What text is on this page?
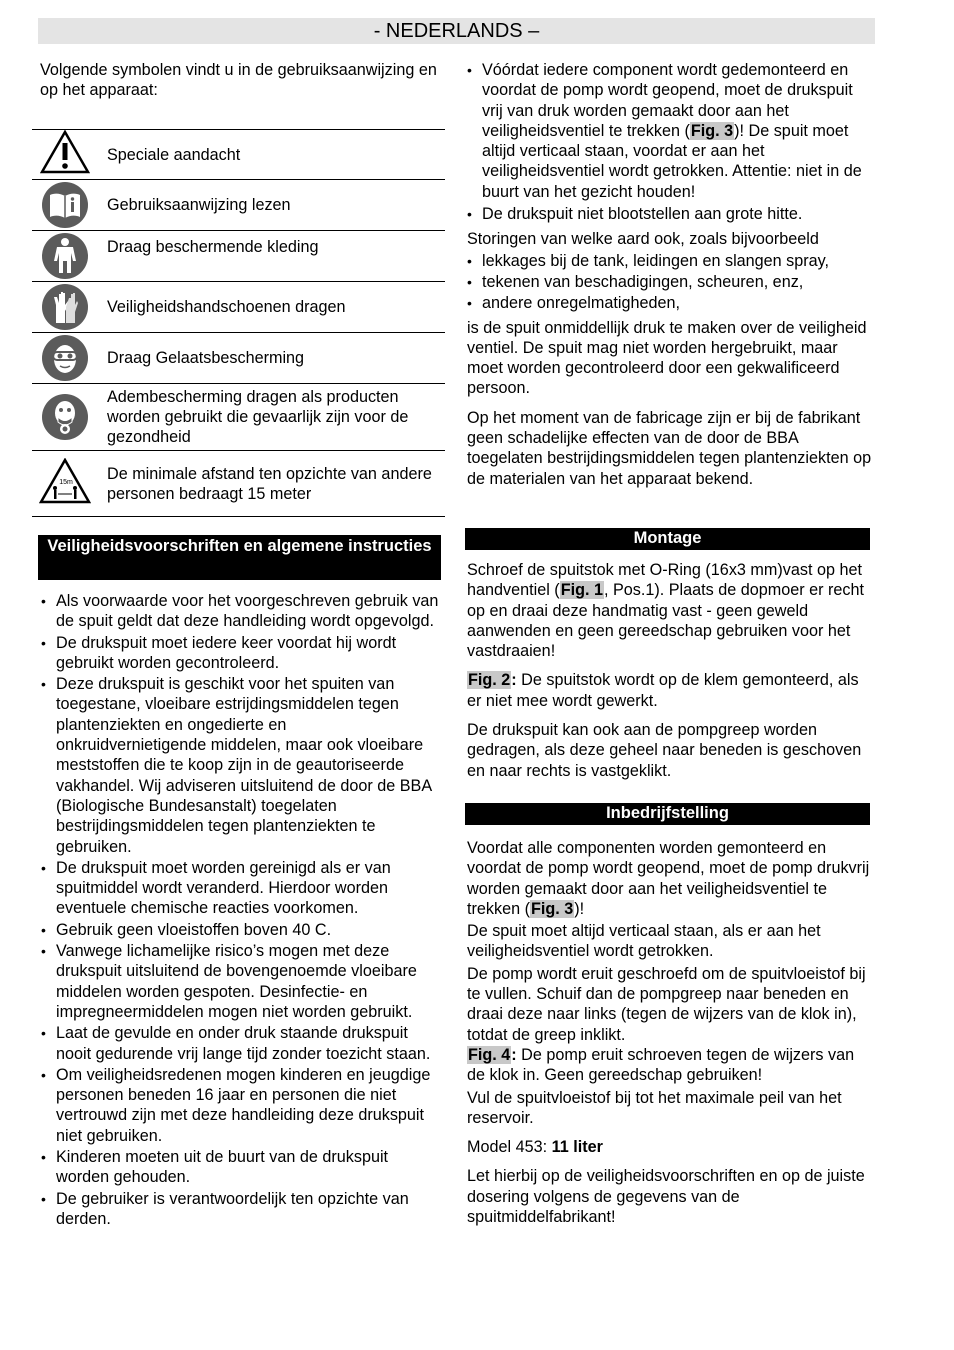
- NEDERLANDS –

Volgende symbolen vindt u in de gebruiksaanwijzing en op het apparaat:

	Speciale aandacht

	Gebruiksaanwijzing lezen

	Draag beschermende kleding

	Veiligheidshandschoenen dragen

	Draag Gelaatsbescherming

	Adembescherming dragen als producten worden gebruikt die gevaarlijk zijn voor de gezondheid

15m	De minimale afstand ten opzichte van andere personen bedraagt 15 meter
Veiligheidsvoorschriften en algemene instructies
• Als voorwaarde voor het voorgeschreven gebruik van de spuit geldt dat deze handleiding wordt opgevolgd.
• De drukspuit moet iedere keer voordat hij wordt gebruikt worden gecontroleerd.
• Deze drukspuit is geschikt voor het spuiten van toegestane, vloeibare estrijdingsmiddelen tegen plantenziekten en ongedierte en onkruidvernietigende middelen, maar ook vloeibare meststoffen die te koop zijn in de geautoriseerde vakhandel. Wij adviseren uitsluitend de door de BBA (Biologische Bundesanstalt) toegelaten bestrijdingsmiddelen tegen plantenziekten te gebruiken.
• De drukspuit moet worden gereinigd als er van spuitmiddel wordt veranderd. Hierdoor worden eventuele chemische reacties voorkomen.
• Gebruik geen vloeistoffen boven 40 C.
• Vanwege lichamelijke risico’s mogen met deze drukspuit uitsluitend de bovengenoemde vloeibare middelen worden gespoten. Desinfectie- en impregneermiddelen mogen niet worden gebruikt.
• Laat de gevulde en onder druk staande drukspuit nooit gedurende vrij lange tijd zonder toezicht staan.
• Om veiligheidsredenen mogen kinderen en jeugdige personen beneden 16 jaar en personen die niet vertrouwd zijn met deze handleiding deze drukspuit niet gebruiken.
• Kinderen moeten uit de buurt van de drukspuit worden gehouden.
• De gebruiker is verantwoordelijk ten opzichte van derden.
• Vóórdat iedere component wordt gedemonteerd en voordat de pomp wordt geopend, moet de drukspuit vrij van druk worden gemaakt door aan het veiligheidsventiel te trekken (Fig. 3)! De spuit moet altijd verticaal staan, voordat er aan het veiligheidsventiel wordt getrokken. Attentie: niet in de buurt van het gezicht houden!
• De drukspuit niet blootstellen aan grote hitte.

Storingen van welke aard ook, zoals bijvoorbeeld

• lekkages bij de tank, leidingen en slangen spray,
• tekenen van beschadigingen, scheuren, enz,
• andere onregelmatigheden,

is de spuit onmiddellijk druk te maken over de veiligheid ventiel. De spuit mag niet worden hergebruikt, maar moet worden gecontroleerd door een gekwalificeerd persoon.

Op het moment van de fabricage zijn er bij de fabrikant geen schadelijke effecten van de door de BBA toegelaten bestrijdingsmiddelen tegen plantenziekten op de materialen van het apparaat bekend.

Montage

Schroef de spuitstok met O-Ring (16x3 mm)vast op het handventiel (Fig. 1, Pos.1). Plaats de dopmoer er recht op en draai deze handmatig vast - geen geweld aanwenden en geen gereedschap gebruiken voor het vastdraaien!

Fig. 2: De spuitstok wordt op de klem gemonteerd, als er niet mee wordt gewerkt.

De drukspuit kan ook aan de pompgreep worden gedragen, als deze geheel naar beneden is geschoven en naar rechts is vastgeklikt.

Inbedrijfstelling

Voordat alle componenten worden gemonteerd en voordat de pomp wordt geopend, moet de pomp drukvrij worden gemaakt door aan het veiligheidsventiel te trekken (Fig. 3)!

De spuit moet altijd verticaal staan, als er aan het veiligheidsventiel wordt getrokken.

De pomp wordt eruit geschroefd om de spuitvloeistof bij te vullen. Schuif dan de pompgreep naar beneden en draai deze naar links (tegen de wijzers van de klok in), totdat de greep inklikt.

Fig. 4: De pomp eruit schroeven tegen de wijzers van de klok in. Geen gereedschap gebruiken!

Vul de spuitvloeistof bij tot het maximale peil van het reservoir.

Model 453: 11 liter

Let hierbij op de veiligheidsvoorschriften en op de juiste dosering volgens de gegevens van de spuitmiddelfabrikant!
